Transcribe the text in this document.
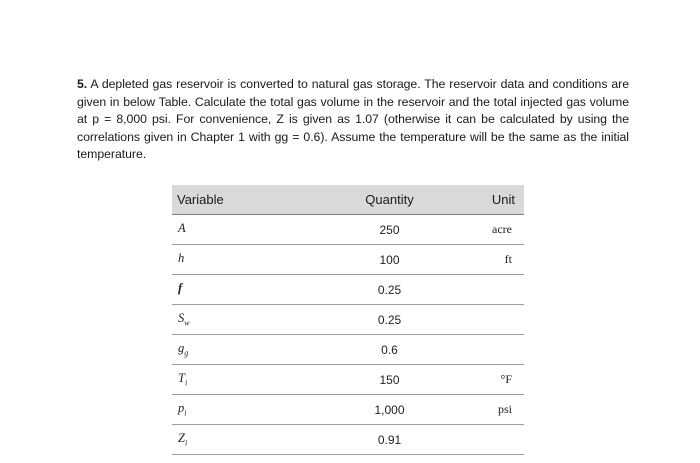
5. A depleted gas reservoir is converted to natural gas storage. The reservoir data and conditions are given in below Table. Calculate the total gas volume in the reservoir and the total injected gas volume at p = 8,000 psi. For convenience, Z is given as 1.07 (otherwise it can be calculated by using the correlations given in Chapter 1 with gg = 0.6). Assume the temperature will be the same as the initial temperature.
Variable	Quantity	Unit
A	250	acre
h	100	ft
f	0.25	
$S_w$	0.25	
$g_g$	0.6	
$T_i$	150	°F
$p_i$	1,000	psi
$Z_i$	0.91	
